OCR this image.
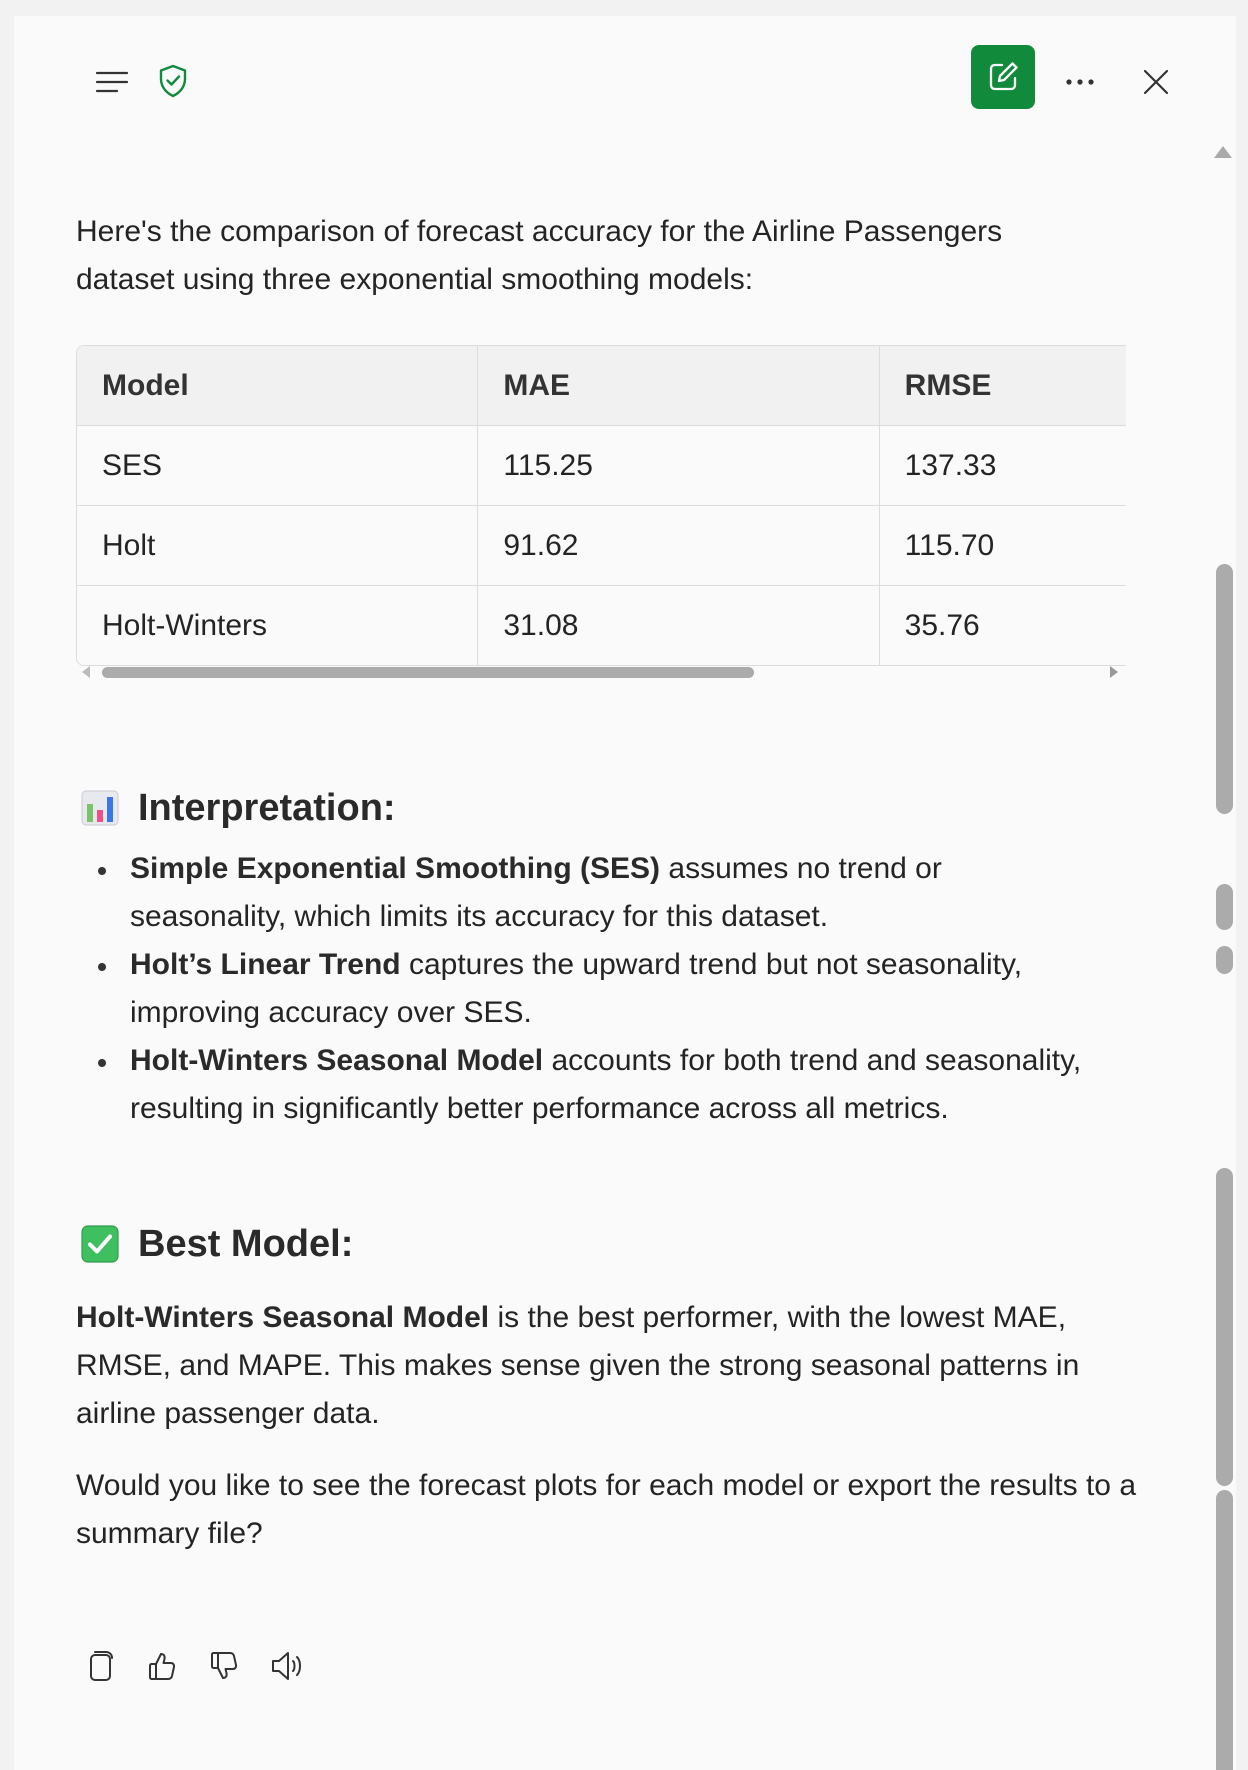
Here's the comparison of forecast accuracy for the Airline Passengers dataset using three exponential smoothing models:

Model	MAE	RMSE
SES	115.25	137.33
Holt	91.62	115.70
Holt-Winters	31.08	35.76
Interpretation:
Simple Exponential Smoothing (SES) assumes no trend or seasonality, which limits its accuracy for this dataset.
Holt’s Linear Trend captures the upward trend but not seasonality, improving accuracy over SES.
Holt-Winters Seasonal Model accounts for both trend and seasonality, resulting in significantly better performance across all metrics.
Best Model:

Holt-Winters Seasonal Model is the best performer, with the lowest MAE, RMSE, and MAPE. This makes sense given the strong seasonal patterns in airline passenger data.

Would you like to see the forecast plots for each model or export the results to a summary file?
